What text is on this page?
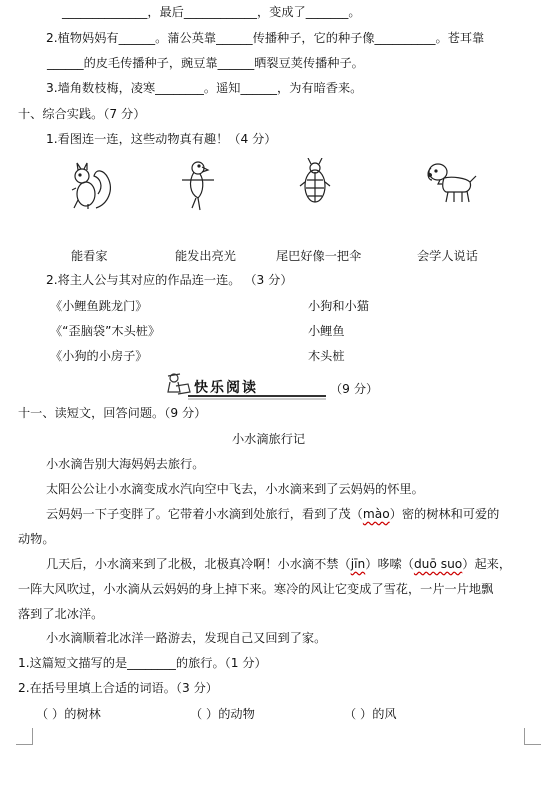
______________，最后____________，变成了_______。
2.植物妈妈有______。蒲公英靠______传播种子，它的种子像__________。苍耳靠
______的皮毛传播种子，豌豆靠______晒裂豆荚传播种子。
3.墙角数枝梅，凌寒________。遥知______，为有暗香来。
十、综合实践。（7 分）
1.看图连一连，这些动物真有趣！（4 分）
能看家	能发出亮光	尾巴好像一把伞	会学人说话
2.将主人公与其对应的作品连一连。 （3 分）
《小鲤鱼跳龙门》
《“歪脑袋”木头桩》
《小狗的小房子》
小狗和小猫
小鲤鱼
木头桩
快乐阅读	（9 分）
十一、读短文，回答问题。（9 分）
小水滴旅行记
小水滴告别大海妈妈去旅行。
太阳公公让小水滴变成水汽向空中飞去，小水滴来到了云妈妈的怀里。
云妈妈一下子变胖了。它带着小水滴到处旅行，看到了茂（mào）密的树林和可爱的
动物。
几天后，小水滴来到了北极，北极真冷啊！小水滴不禁（jīn）哆嗦（duō suo）起来，
一阵大风吹过，小水滴从云妈妈的身上掉下来。寒冷的风让它变成了雪花，一片一片地飘
落到了北冰洋。
小水滴顺着北冰洋一路游去，发现自己又回到了家。
1.这篇短文描写的是________的旅行。（1 分）
2.在括号里填上合适的词语。（3 分）
（ ）的树林	（ ）的动物	（ ）的风
